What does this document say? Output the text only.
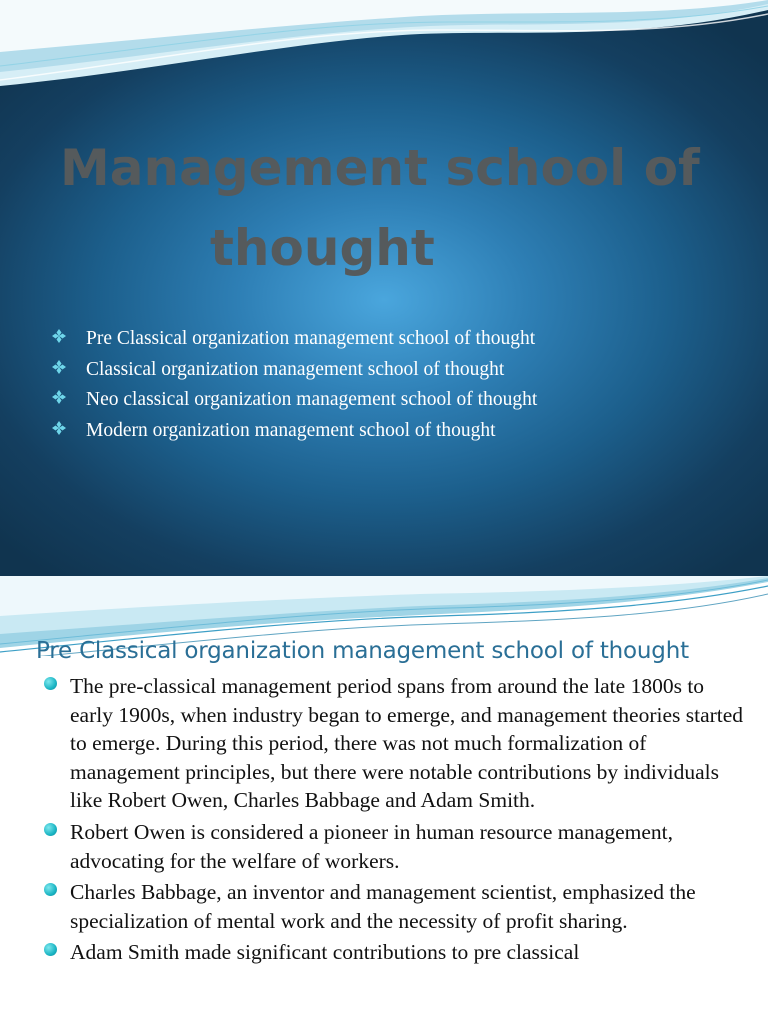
Management school of
thought
Pre Classical organization management school of thought
Classical organization management school of thought
Neo classical organization management school of thought
Modern organization management school of thought
Pre Classical organization management school of thought
The pre-classical management period spans from around the late 1800s to early 1900s, when industry began to emerge, and management theories started to emerge. During this period, there was not much formalization of management principles, but there were notable contributions by individuals like Robert Owen, Charles Babbage and Adam Smith.
Robert Owen is considered a pioneer in human resource management, advocating for the welfare of workers.
Charles Babbage, an inventor and management scientist, emphasized the specialization of mental work and the necessity of profit sharing.
Adam Smith made significant contributions to pre classical
